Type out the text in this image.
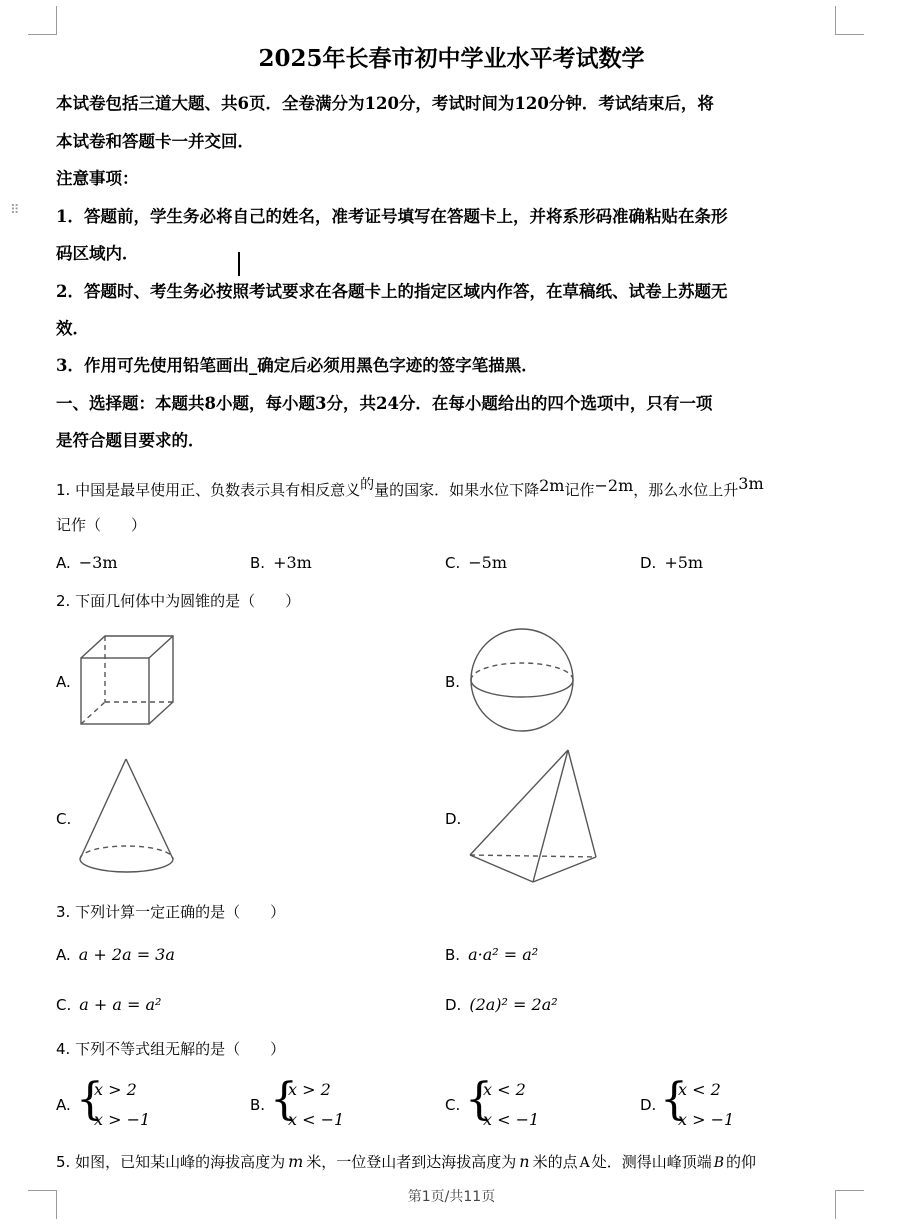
⠿
2025年长春市初中学业水平考试数学
本试卷包括三道大题、共6页．全卷满分为120分，考试时间为120分钟．考试结束后，将
本试卷和答题卡一并交回．
注意事项：
1．答题前，学生务必将自己的姓名，准考证号填写在答题卡上，并将系形码准确粘贴在条形
码区域内．
2．答题时、考生务必按照考试要求在各题卡上的指定区域内作答，在草稿纸、试卷上苏题无
效．
3．作用可先使用铅笔画出_确定后必须用黑色字迹的签字笔描黑．
一、选择题：本题共8小题，每小题3分，共24分．在每小题给出的四个选项中，只有一项
是符合题目要求的．
1. 中国是最早使用正、负数表示具有相反意义$^的$量的国家．如果水位下降2m记作−2m，那么水位上升3m
记作（　　）
A. −3m	B. +3m	C. −5m	D. +5m
2. 下面几何体中为圆锥的是（　　）
A.	B.
C.	D.
3. 下列计算一定正确的是（　　）
A. a + 2a = 3a	B. a·a² = a²
C. a + a = a²	D. (2a)² = 2a²
4. 下列不等式组无解的是（　　）
A. {
x > 2
x > −1
B. {
x > 2
x < −1
C. {
x < 2
x < −1
D. {
x < 2
x > −1
5. 如图，已知某山峰的海拔高度为 m 米，一位登山者到达海拔高度为 n 米的点 A 处．测得山峰顶端 B 的仰
第1页/共11页
